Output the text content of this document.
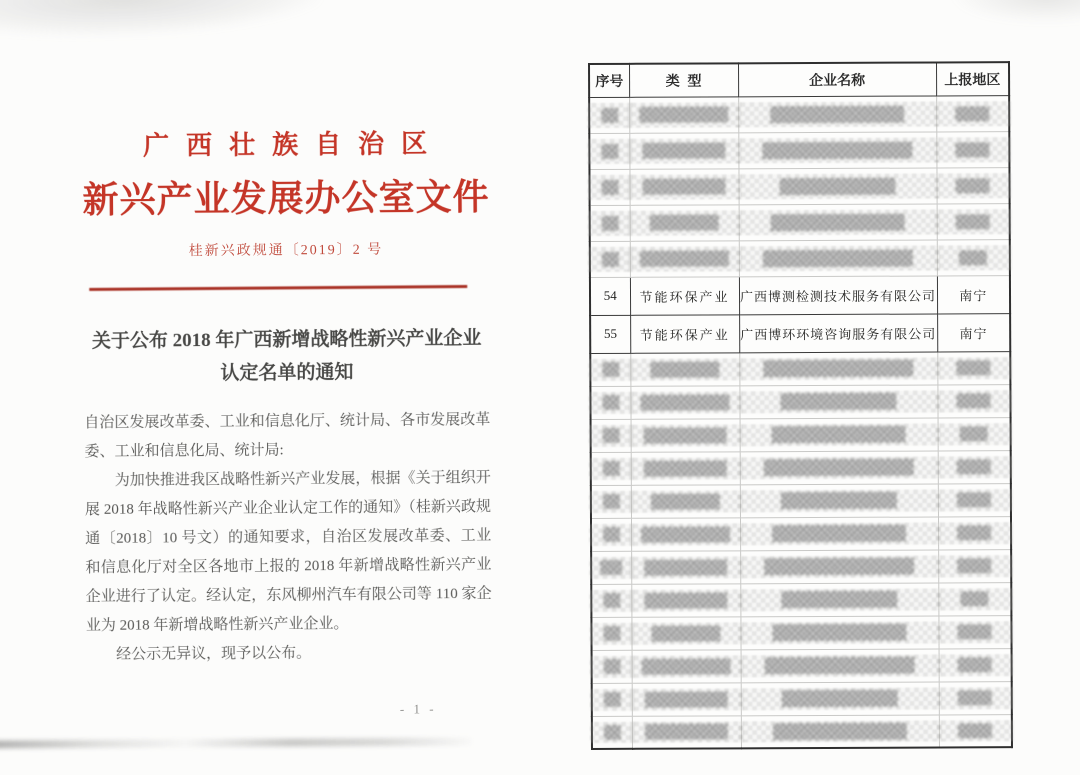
广西壮族自治区
新兴产业发展办公室文件
桂新兴政规通〔2019〕2 号
关于公布 2018 年广西新增战略性新兴产业企业认定名单的通知

自治区发展改革委、工业和信息化厅、统计局、各市发展改革委、工业和信息化局、统计局:

为加快推进我区战略性新兴产业发展，根据《关于组织开展 2018 年战略性新兴产业企业认定工作的通知》（桂新兴政规通〔2018〕10 号文）的通知要求，自治区发展改革委、工业和信息化厅对全区各地市上报的 2018 年新增战略性新兴产业企业进行了认定。经认定，东风柳州汽车有限公司等 110 家企业为 2018 年新增战略性新兴产业企业。

经公示无异议，现予以公布。

- 1 -
序号	类型	企业名称	上报地区

54	节能环保产业	广西博测检测技术服务有限公司	南宁
55	节能环保产业	广西博环环境咨询服务有限公司	南宁
